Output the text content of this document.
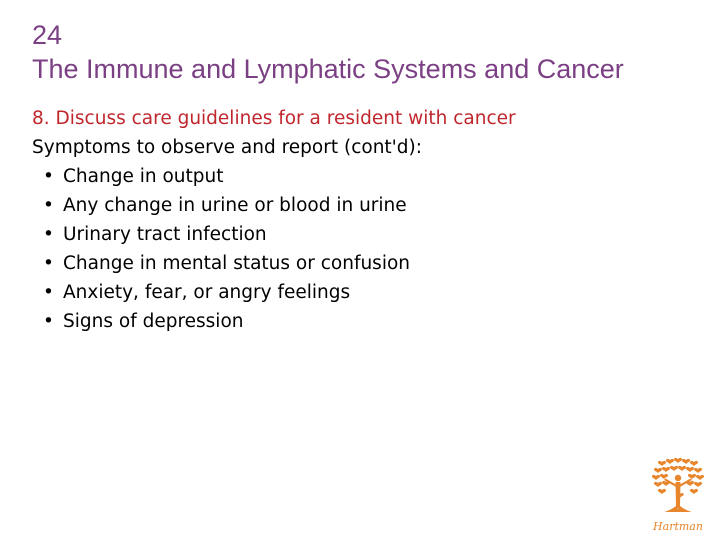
24
The Immune and Lymphatic Systems and Cancer
8. Discuss care guidelines for a resident with cancer
Symptoms to observe and report (cont'd):
• Change in output
• Any change in urine or blood in urine
• Urinary tract infection
• Change in mental status or confusion
• Anxiety, fear, or angry feelings
• Signs of depression
Hartman
